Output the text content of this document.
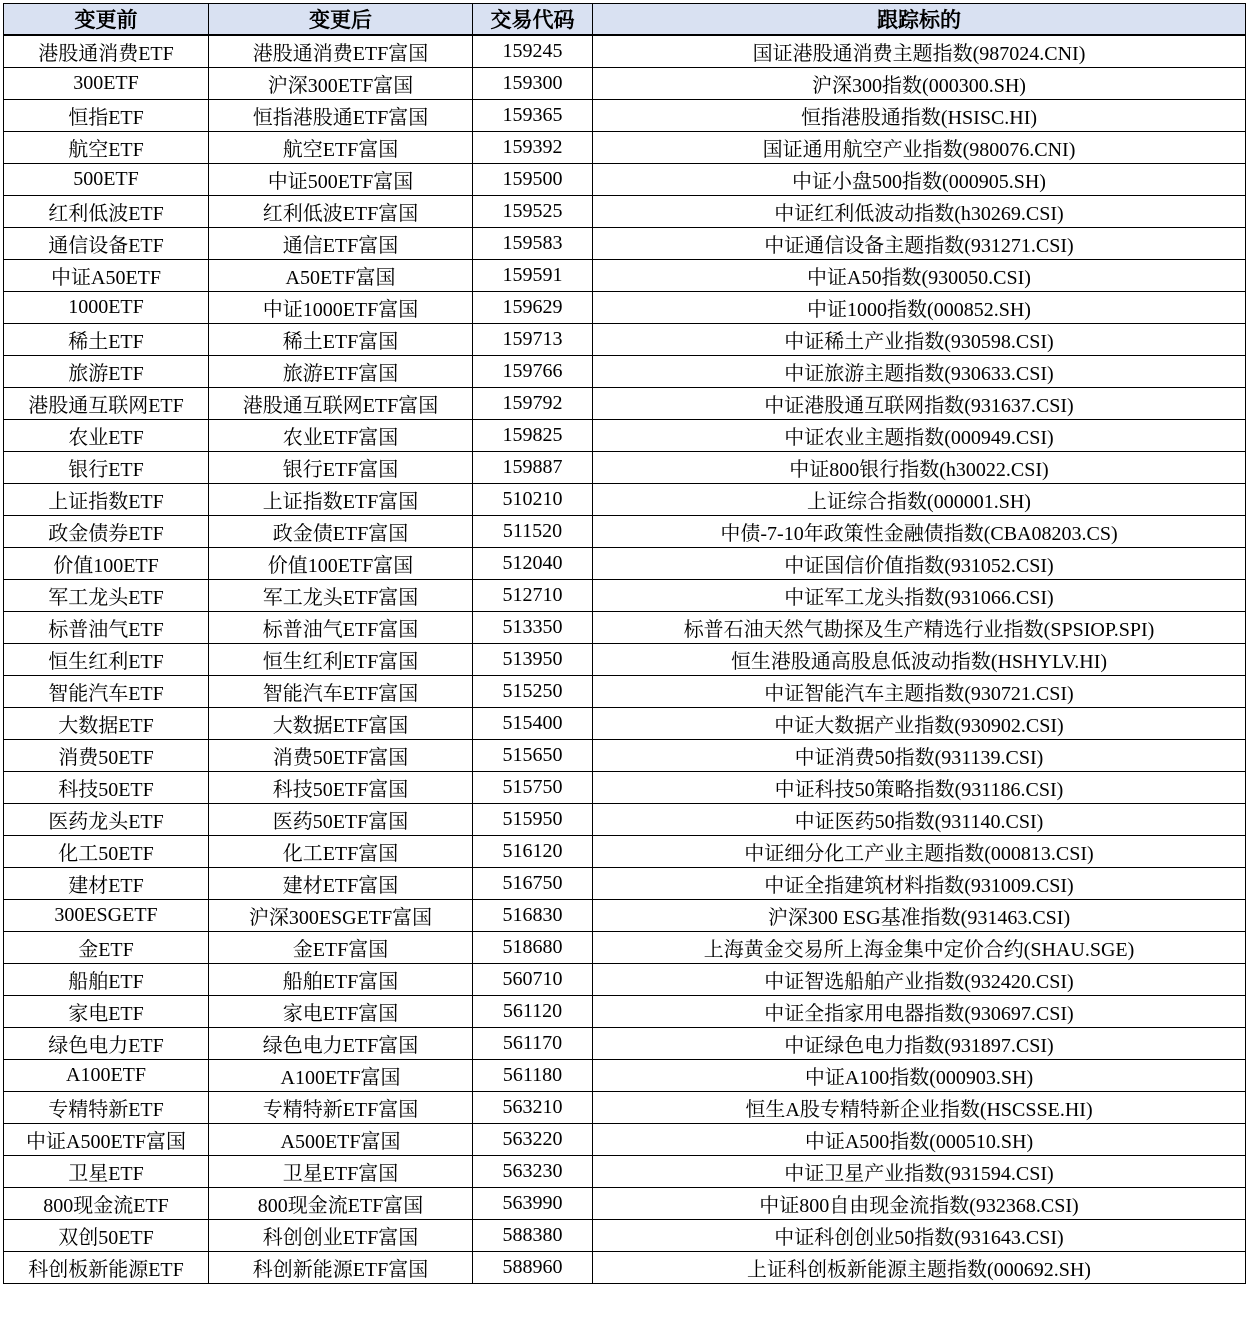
变更前	变更后	交易代码	跟踪标的
港股通消费ETF	港股通消费ETF富国	159245	国证港股通消费主题指数(987024.CNI)
300ETF	沪深300ETF富国	159300	沪深300指数(000300.SH)
恒指ETF	恒指港股通ETF富国	159365	恒指港股通指数(HSISC.HI)
航空ETF	航空ETF富国	159392	国证通用航空产业指数(980076.CNI)
500ETF	中证500ETF富国	159500	中证小盘500指数(000905.SH)
红利低波ETF	红利低波ETF富国	159525	中证红利低波动指数(h30269.CSI)
通信设备ETF	通信ETF富国	159583	中证通信设备主题指数(931271.CSI)
中证A50ETF	A50ETF富国	159591	中证A50指数(930050.CSI)
1000ETF	中证1000ETF富国	159629	中证1000指数(000852.SH)
稀土ETF	稀土ETF富国	159713	中证稀土产业指数(930598.CSI)
旅游ETF	旅游ETF富国	159766	中证旅游主题指数(930633.CSI)
港股通互联网ETF	港股通互联网ETF富国	159792	中证港股通互联网指数(931637.CSI)
农业ETF	农业ETF富国	159825	中证农业主题指数(000949.CSI)
银行ETF	银行ETF富国	159887	中证800银行指数(h30022.CSI)
上证指数ETF	上证指数ETF富国	510210	上证综合指数(000001.SH)
政金债券ETF	政金债ETF富国	511520	中债-7-10年政策性金融债指数(CBA08203.CS)
价值100ETF	价值100ETF富国	512040	中证国信价值指数(931052.CSI)
军工龙头ETF	军工龙头ETF富国	512710	中证军工龙头指数(931066.CSI)
标普油气ETF	标普油气ETF富国	513350	标普石油天然气勘探及生产精选行业指数(SPSIOP.SPI)
恒生红利ETF	恒生红利ETF富国	513950	恒生港股通高股息低波动指数(HSHYLV.HI)
智能汽车ETF	智能汽车ETF富国	515250	中证智能汽车主题指数(930721.CSI)
大数据ETF	大数据ETF富国	515400	中证大数据产业指数(930902.CSI)
消费50ETF	消费50ETF富国	515650	中证消费50指数(931139.CSI)
科技50ETF	科技50ETF富国	515750	中证科技50策略指数(931186.CSI)
医药龙头ETF	医药50ETF富国	515950	中证医药50指数(931140.CSI)
化工50ETF	化工ETF富国	516120	中证细分化工产业主题指数(000813.CSI)
建材ETF	建材ETF富国	516750	中证全指建筑材料指数(931009.CSI)
300ESGETF	沪深300ESGETF富国	516830	沪深300 ESG基准指数(931463.CSI)
金ETF	金ETF富国	518680	上海黄金交易所上海金集中定价合约(SHAU.SGE)
船舶ETF	船舶ETF富国	560710	中证智选船舶产业指数(932420.CSI)
家电ETF	家电ETF富国	561120	中证全指家用电器指数(930697.CSI)
绿色电力ETF	绿色电力ETF富国	561170	中证绿色电力指数(931897.CSI)
A100ETF	A100ETF富国	561180	中证A100指数(000903.SH)
专精特新ETF	专精特新ETF富国	563210	恒生A股专精特新企业指数(HSCSSE.HI)
中证A500ETF富国	A500ETF富国	563220	中证A500指数(000510.SH)
卫星ETF	卫星ETF富国	563230	中证卫星产业指数(931594.CSI)
800现金流ETF	800现金流ETF富国	563990	中证800自由现金流指数(932368.CSI)
双创50ETF	科创创业ETF富国	588380	中证科创创业50指数(931643.CSI)
科创板新能源ETF	科创新能源ETF富国	588960	上证科创板新能源主题指数(000692.SH)
